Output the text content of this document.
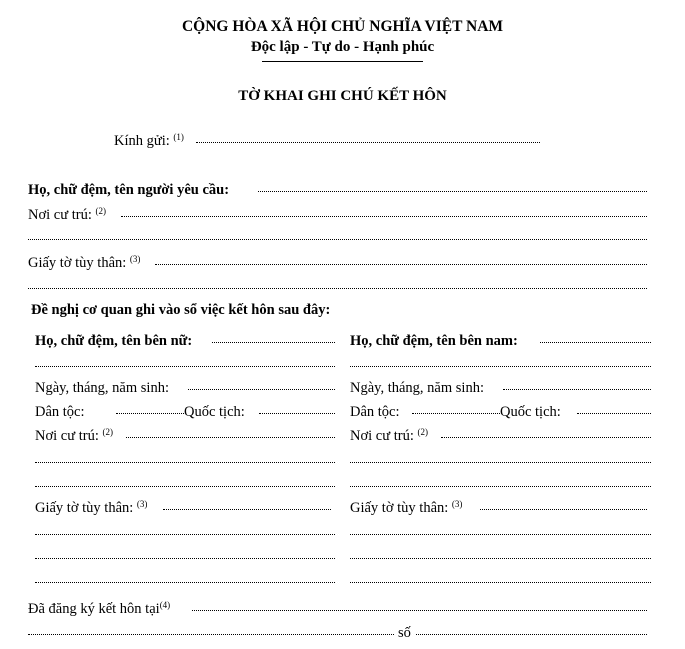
CỘNG HÒA XÃ HỘI CHỦ NGHĨA VIỆT NAM
Độc lập - Tự do - Hạnh phúc
TỜ KHAI GHI CHÚ KẾT HÔN
Kính gửi: $^{(1)}$
Họ, chữ đệm, tên người yêu cầu:
Nơi cư trú: $^{(2)}$
Giấy tờ tùy thân: $^{(3)}$
Đề nghị cơ quan ghi vào sổ việc kết hôn sau đây:
Họ, chữ đệm, tên bên nữ:
Ngày, tháng, năm sinh:
Dân tộc:	Quốc tịch:
Nơi cư trú: $^{(2)}$
Giấy tờ tùy thân: $^{(3)}$
Họ, chữ đệm, tên bên nam:
Ngày, tháng, năm sinh:
Dân tộc:	Quốc tịch:
Nơi cư trú: $^{(2)}$
Giấy tờ tùy thân: $^{(3)}$
Đã đăng ký kết hôn tại$^{(4)}$
số
